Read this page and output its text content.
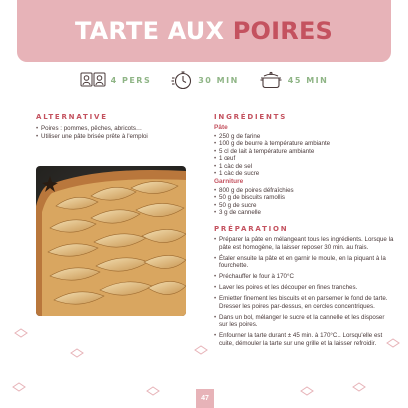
TARTE AUX POIRES
4 PERS	30 MIN	45 MIN
ALTERNATIVE
• Poires : pommes, pêches, abricots…
• Utiliser une pâte brisée prête à l'emploi
INGRÉDIENTS
Pâte
• 250 g de farine
• 100 g de beurre à température ambiante
• 5 cl de lait à température ambiante
• 1 œuf
• 1 càc de sel
• 1 càc de sucre
Garniture
• 800 g de poires défraîchies
• 50 g de biscuits ramollis
• 50 g de sucre
• 3 g de cannelle
PRÉPARATION
• Préparer la pâte en mélangeant tous les ingrédients. Lorsque la pâte est homogène, la laisser reposer 30 min. au frais.
• Étaler ensuite la pâte et en garnir le moule, en la piquant à la fourchette.
• Préchauffer le four à 170°C
• Laver les poires et les découper en fines tranches.
• Emietter finement les biscuits et en parsemer le fond de tarte. Dresser les poires par-dessus, en cercles concentriques.
• Dans un bol, mélanger le sucre et la cannelle et les disposer sur les poires.
• Enfourner la tarte durant ± 45 min. à 170°C.. Lorsqu'elle est cuite, démouler la tarte sur une grille et la laisser refroidir.
47
